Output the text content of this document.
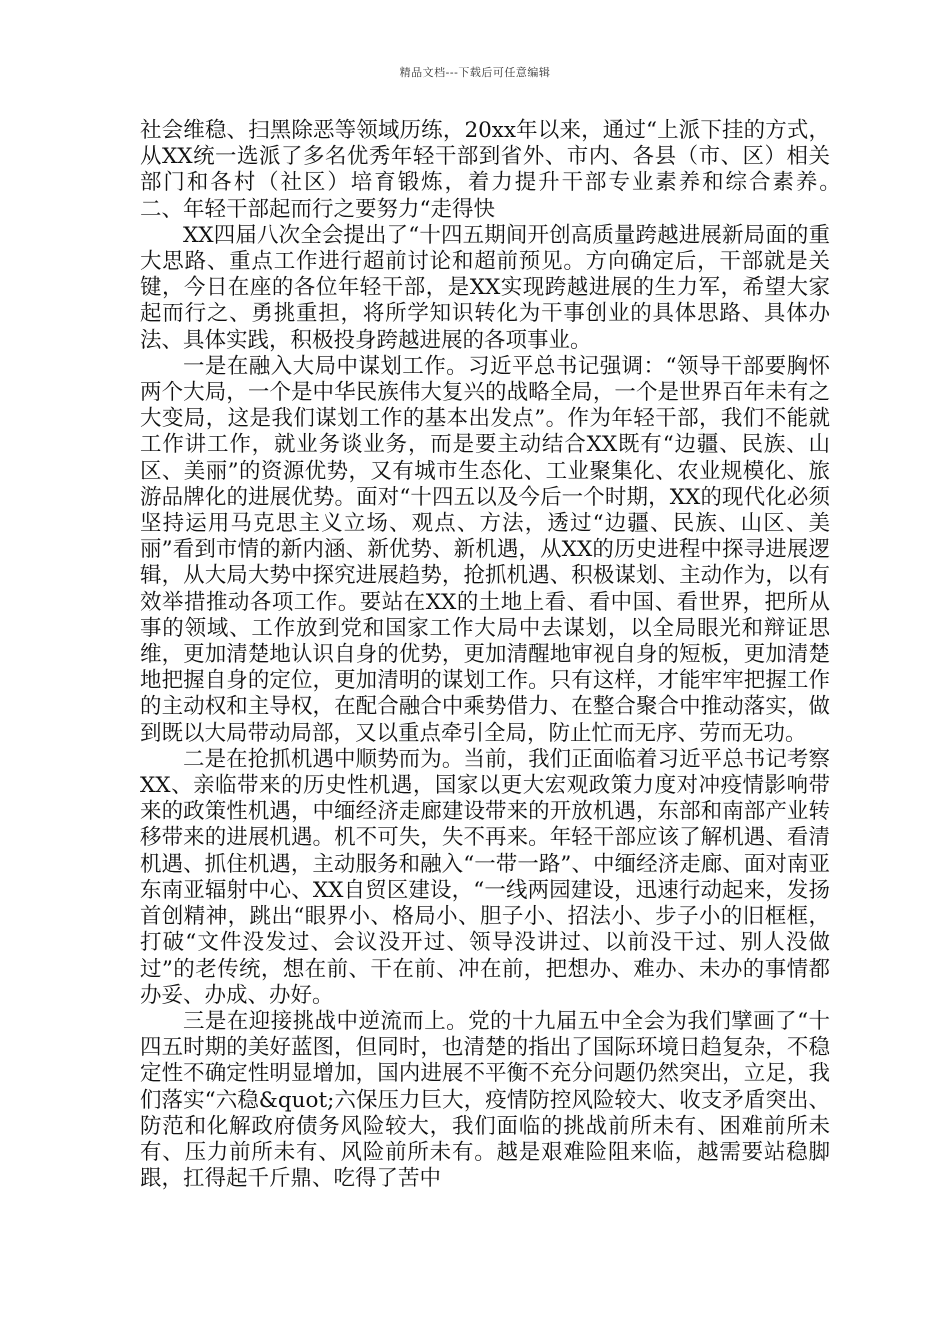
精品文档---下载后可任意编辑

社会维稳、扫黑除恶等领域历练，20xx年以来，通过“上派下挂的方式，从XX统一选派了多名优秀年轻干部到省外、市内、各县（市、区）相关部门和各村（社区）培育锻炼，着力提升干部专业素养和综合素养。　　二、年轻干部起而行之要努力“走得快

XX四届八次全会提出了“十四五期间开创高质量跨越进展新局面的重大思路、重点工作进行超前讨论和超前预见。方向确定后，干部就是关键，今日在座的各位年轻干部，是XX实现跨越进展的生力军，希望大家起而行之、勇挑重担，将所学知识转化为干事创业的具体思路、具体办法、具体实践，积极投身跨越进展的各项事业。

一是在融入大局中谋划工作。习近平总书记强调：“领导干部要胸怀两个大局，一个是中华民族伟大复兴的战略全局，一个是世界百年未有之大变局，这是我们谋划工作的基本出发点”。作为年轻干部，我们不能就工作讲工作，就业务谈业务，而是要主动结合XX既有“边疆、民族、山区、美丽”的资源优势，又有城市生态化、工业聚集化、农业规模化、旅游品牌化的进展优势。面对“十四五以及今后一个时期，XX的现代化必须坚持运用马克思主义立场、观点、方法，透过“边疆、民族、山区、美丽”看到市情的新内涵、新优势、新机遇，从XX的历史进程中探寻进展逻辑，从大局大势中探究进展趋势，抢抓机遇、积极谋划、主动作为，以有效举措推动各项工作。要站在XX的土地上看、看中国、看世界，把所从事的领域、工作放到党和国家工作大局中去谋划，以全局眼光和辩证思维，更加清楚地认识自身的优势，更加清醒地审视自身的短板，更加清楚地把握自身的定位，更加清明的谋划工作。只有这样，才能牢牢把握工作的主动权和主导权，在配合融合中乘势借力、在整合聚合中推动落实，做到既以大局带动局部，又以重点牵引全局，防止忙而无序、劳而无功。

二是在抢抓机遇中顺势而为。当前，我们正面临着习近平总书记考察XX、亲临带来的历史性机遇，国家以更大宏观政策力度对冲疫情影响带来的政策性机遇，中缅经济走廊建设带来的开放机遇，东部和南部产业转移带来的进展机遇。机不可失，失不再来。年轻干部应该了解机遇、看清机遇、抓住机遇，主动服务和融入“一带一路”、中缅经济走廊、面对南亚东南亚辐射中心、XX自贸区建设，“一线两园建设，迅速行动起来，发扬首创精神，跳出“眼界小、格局小、胆子小、招法小、步子小的旧框框，打破“文件没发过、会议没开过、领导没讲过、以前没干过、别人没做过”的老传统，想在前、干在前、冲在前，把想办、难办、未办的事情都办妥、办成、办好。

三是在迎接挑战中逆流而上。党的十九届五中全会为我们擘画了“十四五时期的美好蓝图，但同时，也清楚的指出了国际环境日趋复杂，不稳定性不确定性明显增加，国内进展不平衡不充分问题仍然突出，立足，我们落实“六稳&quot;六保压力巨大，疫情防控风险较大、收支矛盾突出、防范和化解政府债务风险较大，我们面临的挑战前所未有、困难前所未有、压力前所未有、风险前所未有。越是艰难险阻来临，越需要站稳脚跟，扛得起千斤鼎、吃得了苦中
